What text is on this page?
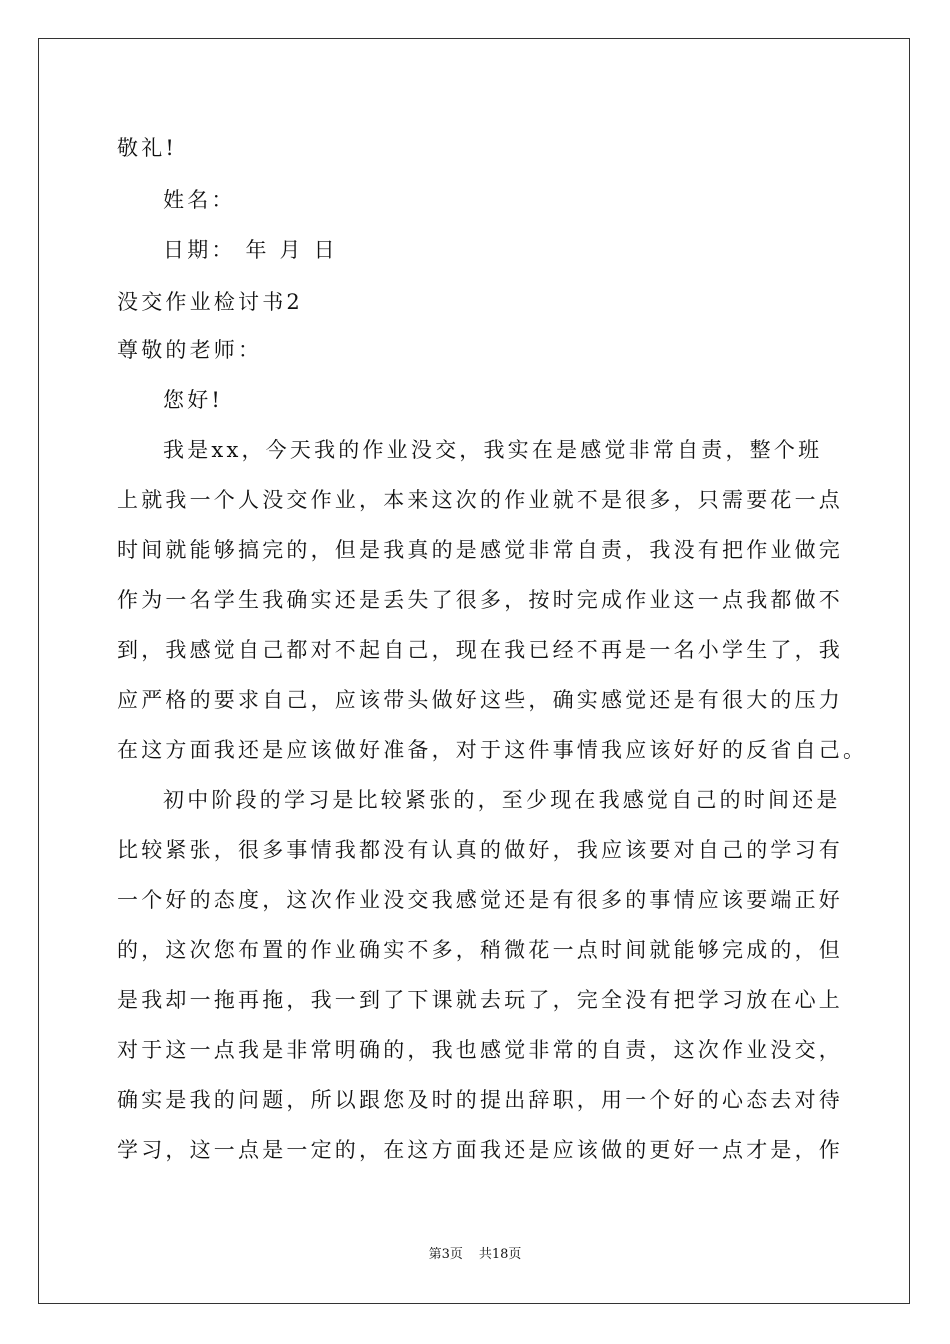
敬礼!
姓名：
日期： 年 月 日
没交作业检讨书2
尊敬的老师：
您好!
我是xx，今天我的作业没交，我实在是感觉非常自责，整个班
上就我一个人没交作业，本来这次的作业就不是很多，只需要花一点
时间就能够搞完的，但是我真的是感觉非常自责，我没有把作业做完
作为一名学生我确实还是丢失了很多，按时完成作业这一点我都做不
到，我感觉自己都对不起自己，现在我已经不再是一名小学生了，我
应严格的要求自己，应该带头做好这些，确实感觉还是有很大的压力
在这方面我还是应该做好准备，对于这件事情我应该好好的反省自己。
初中阶段的学习是比较紧张的，至少现在我感觉自己的时间还是
比较紧张，很多事情我都没有认真的做好，我应该要对自己的学习有
一个好的态度，这次作业没交我感觉还是有很多的事情应该要端正好
的，这次您布置的作业确实不多，稍微花一点时间就能够完成的，但
是我却一拖再拖，我一到了下课就去玩了，完全没有把学习放在心上
对于这一点我是非常明确的，我也感觉非常的自责，这次作业没交，
确实是我的问题，所以跟您及时的提出辞职，用一个好的心态去对待
学习，这一点是一定的，在这方面我还是应该做的更好一点才是，作
第3页 共18页
